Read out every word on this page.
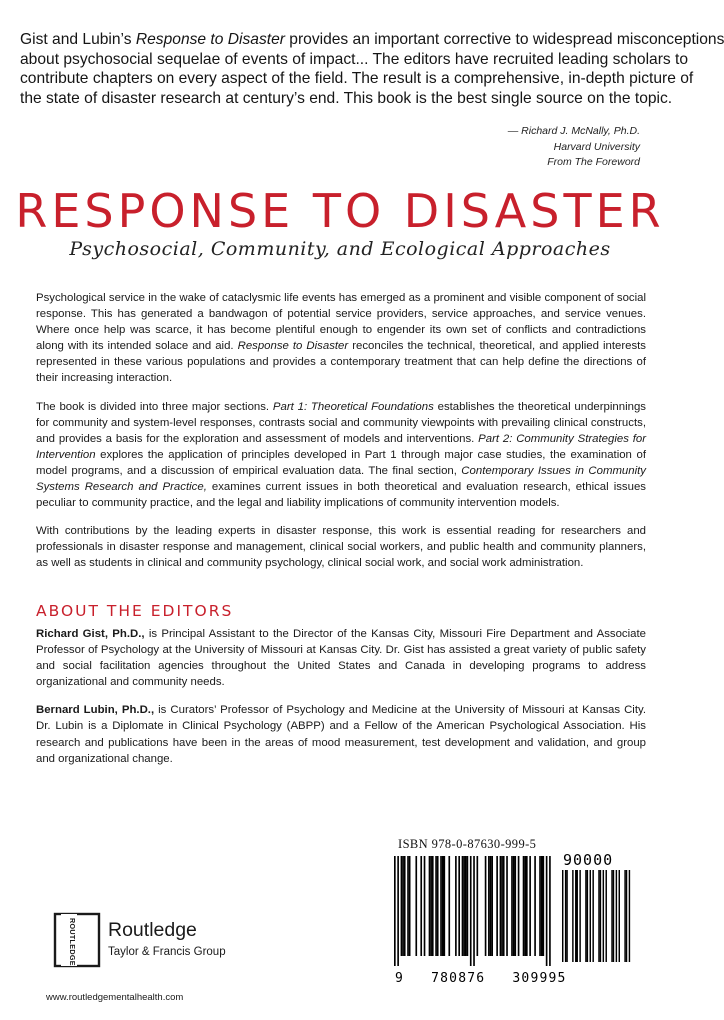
Gist and Lubin’s Response to Disaster provides an important corrective to widespread misconceptions
about psychosocial sequelae of events of impact... The editors have recruited leading scholars to
contribute chapters on every aspect of the field. The result is a comprehensive, in-depth picture of
the state of disaster research at century’s end. This book is the best single source on the topic.
— Richard J. McNally, Ph.D.
Harvard University
From The Foreword
RESPONSE TO DISASTER
Psychosocial, Community, and Ecological Approaches

Psychological service in the wake of cataclysmic life events has emerged as a prominent and visible component of social response. This has generated a bandwagon of potential service providers, service approaches, and service venues. Where once help was scarce, it has become plentiful enough to engender its own set of conflicts and contradictions along with its intended solace and aid. Response to Disaster reconciles the technical, theoretical, and applied interests represented in these various populations and provides a contemporary treatment that can help define the directions of their increasing interaction.

The book is divided into three major sections. Part 1: Theoretical Foundations establishes the theoretical underpinnings for community and system-level responses, contrasts social and community viewpoints with prevailing clinical constructs, and provides a basis for the exploration and assessment of models and interventions. Part 2: Community Strategies for Intervention explores the application of principles developed in Part 1 through major case studies, the examination of model programs, and a discussion of empirical evaluation data. The final section, Contemporary Issues in Community Systems Research and Practice, examines current issues in both theoretical and evaluation research, ethical issues peculiar to community practice, and the legal and liability implications of community intervention models.

With contributions by the leading experts in disaster response, this work is essential reading for researchers and professionals in disaster response and management, clinical social workers, and public health and community planners, as well as students in clinical and community psychology, clinical social work, and social work administration.

ABOUT THE EDITORS

Richard Gist, Ph.D., is Principal Assistant to the Director of the Kansas City, Missouri Fire Department and Associate Professor of Psychology at the University of Missouri at Kansas City. Dr. Gist has assisted a great variety of public safety and social facilitation agencies throughout the United States and Canada in developing programs to address organizational and community needs.

Bernard Lubin, Ph.D., is Curators’ Professor of Psychology and Medicine at the University of Missouri at Kansas City. Dr. Lubin is a Diplomate in Clinical Psychology (ABPP) and a Fellow of the American Psychological Association. His research and publications have been in the areas of mood measurement, test development and validation, and group and organizational change.

ISBN 978-0-87630-999-5
90000
9 780876 309995
ROUTLEDGE Routledge
Taylor & Francis Group
www.routledgementalhealth.com
